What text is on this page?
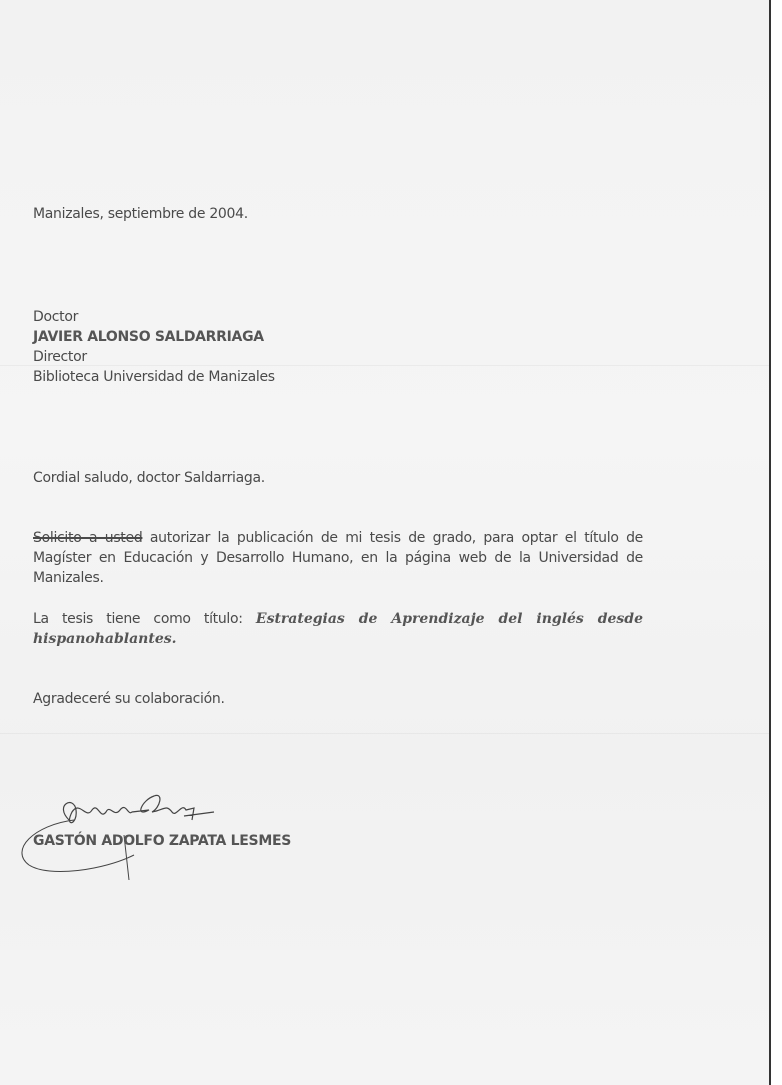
Manizales, septiembre de 2004.
Doctor
JAVIER ALONSO SALDARRIAGA
Director
Biblioteca Universidad de Manizales
Cordial saludo, doctor Saldarriaga.
Solicito a usted autorizar la publicación de mi tesis de grado, para optar el título de Magíster en Educación y Desarrollo Humano, en la página web de la Universidad de Manizales.
La tesis tiene como título: Estrategias de Aprendizaje del inglés desde hispanohablantes.
Agradeceré su colaboración.
GASTÓN ADOLFO ZAPATA LESMES
